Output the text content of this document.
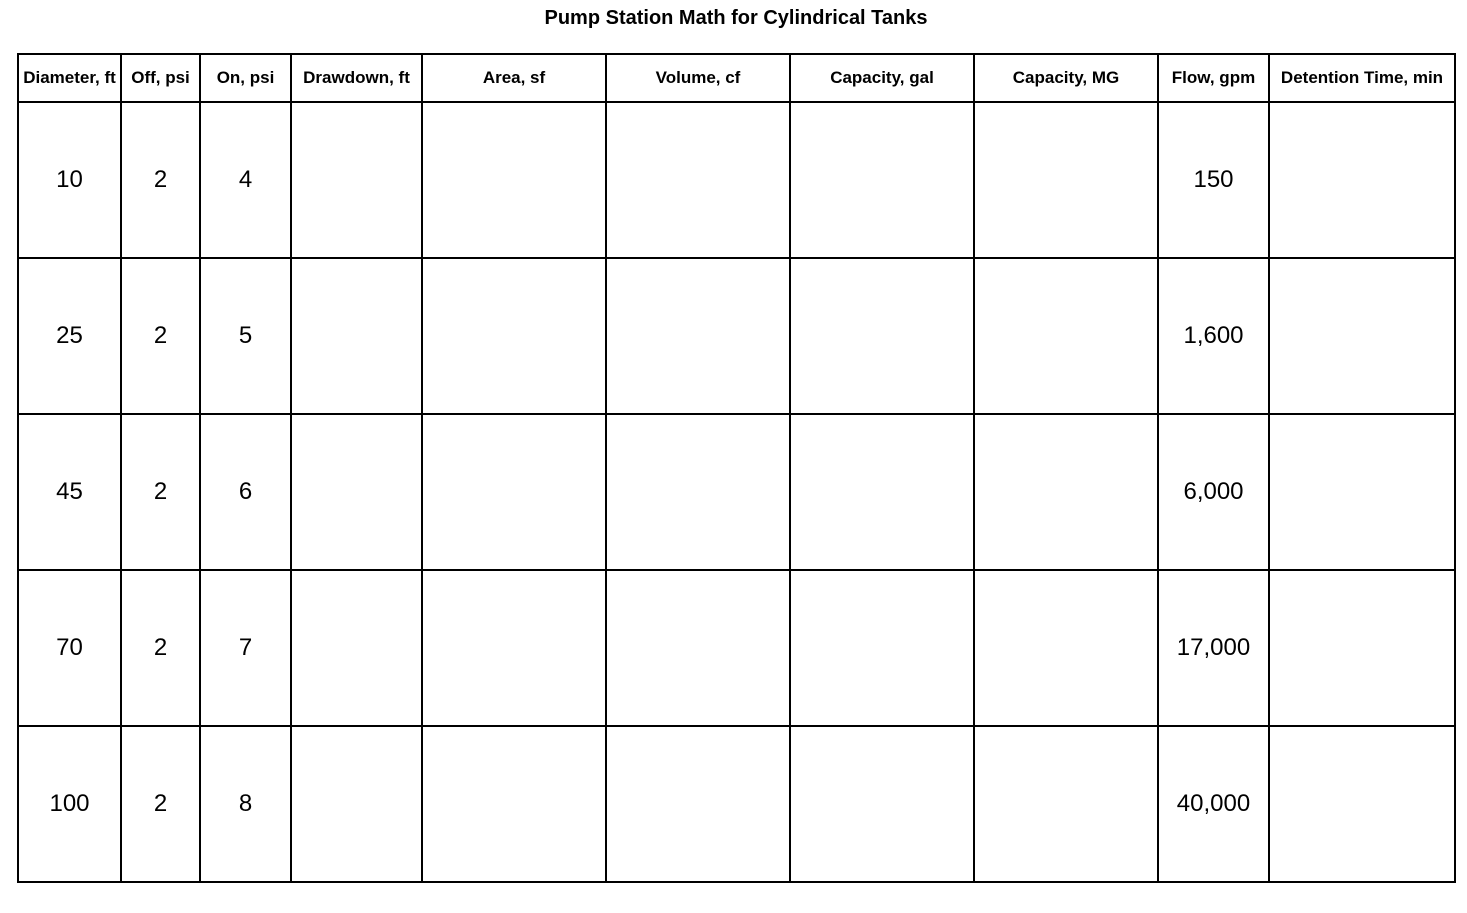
Pump Station Math for Cylindrical Tanks
Diameter, ft	Off, psi	On, psi	Drawdown, ft	Area, sf	Volume, cf	Capacity, gal	Capacity, MG	Flow, gpm	Detention Time, min
10	2	4						150	
25	2	5						1,600	
45	2	6						6,000	
70	2	7						17,000	
100	2	8						40,000	
